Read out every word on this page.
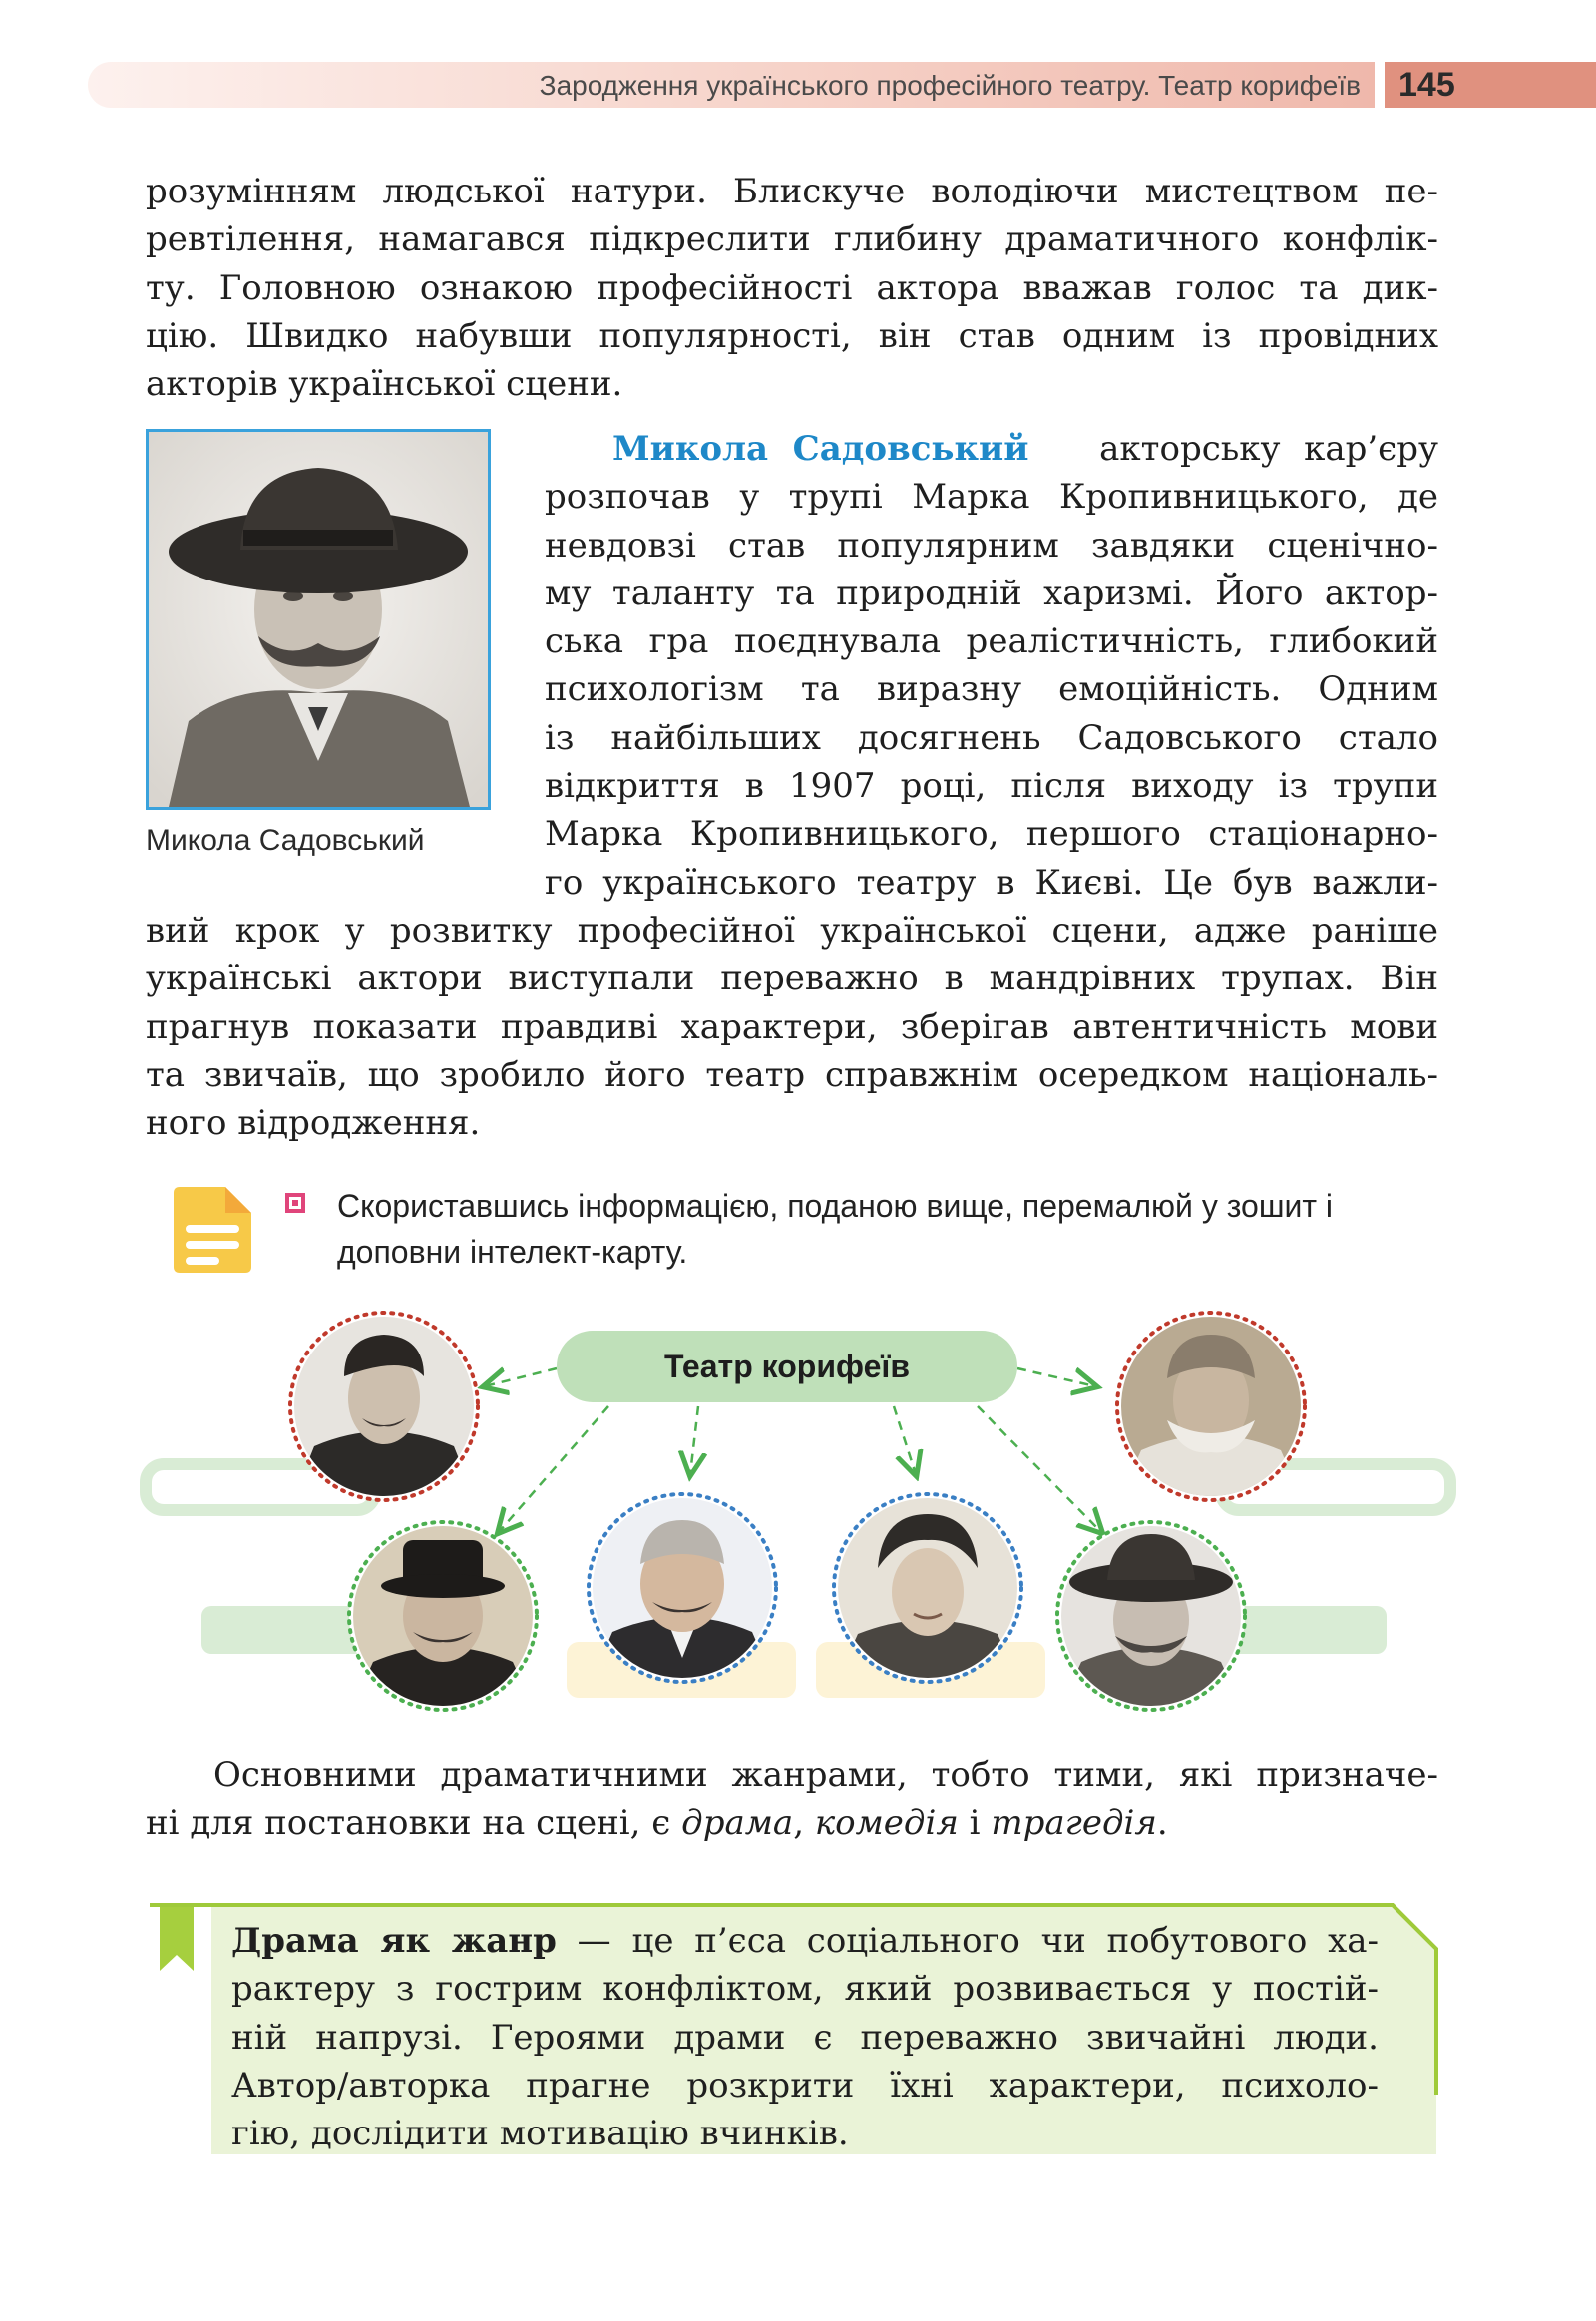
Зародження українського професійного театру. Театр корифеїв 145
розумінням людської натури. Блискуче володіючи мистецтвом пе-
ревтілення, намагався підкреслити глибину драматичного конфлік-
ту. Головною ознакою професійності актора вважав голос та дик-
цію. Швидко набувши популярності, він став одним із провідних
акторів української сцени.
Микола Садовський
Микола Садовський акторську кар’єру
розпочав у трупі Марка Кропивницького, де
невдовзі став популярним завдяки сценічно-
му таланту та природній харизмі. Його актор-
ська гра поєднувала реалістичність, глибокий
психологізм та виразну емоційність. Одним
із найбільших досягнень Садовського стало
відкриття в 1907 році, після виходу із трупи
Марка Кропивницького, першого стаціонарно-
го українського театру в Києві. Це був важли-
вий крок у розвитку професійної української сцени, адже раніше
українські актори виступали переважно в мандрівних трупах. Він
прагнув показати правдиві характери, зберігав автентичність мови
та звичаїв, що зробило його театр справжнім осередком національ-
ного відродження.
Скориставшись інформацією, поданою вище, перемалюй у зошит і доповни інтелект-карту.
Театр корифеїв
Основними драматичними жанрами, тобто тими, які призначе-
ні для постановки на сцені, є драма, комедія і трагедія.
Драма як жанр — це п’єса соціального чи побутового ха-
рактеру з гострим конфліктом, який розвивається у постій-
ній напрузі. Героями драми є переважно звичайні люди.
Автор/авторка прагне розкрити їхні характери, психоло-
гію, дослідити мотивацію вчинків.
